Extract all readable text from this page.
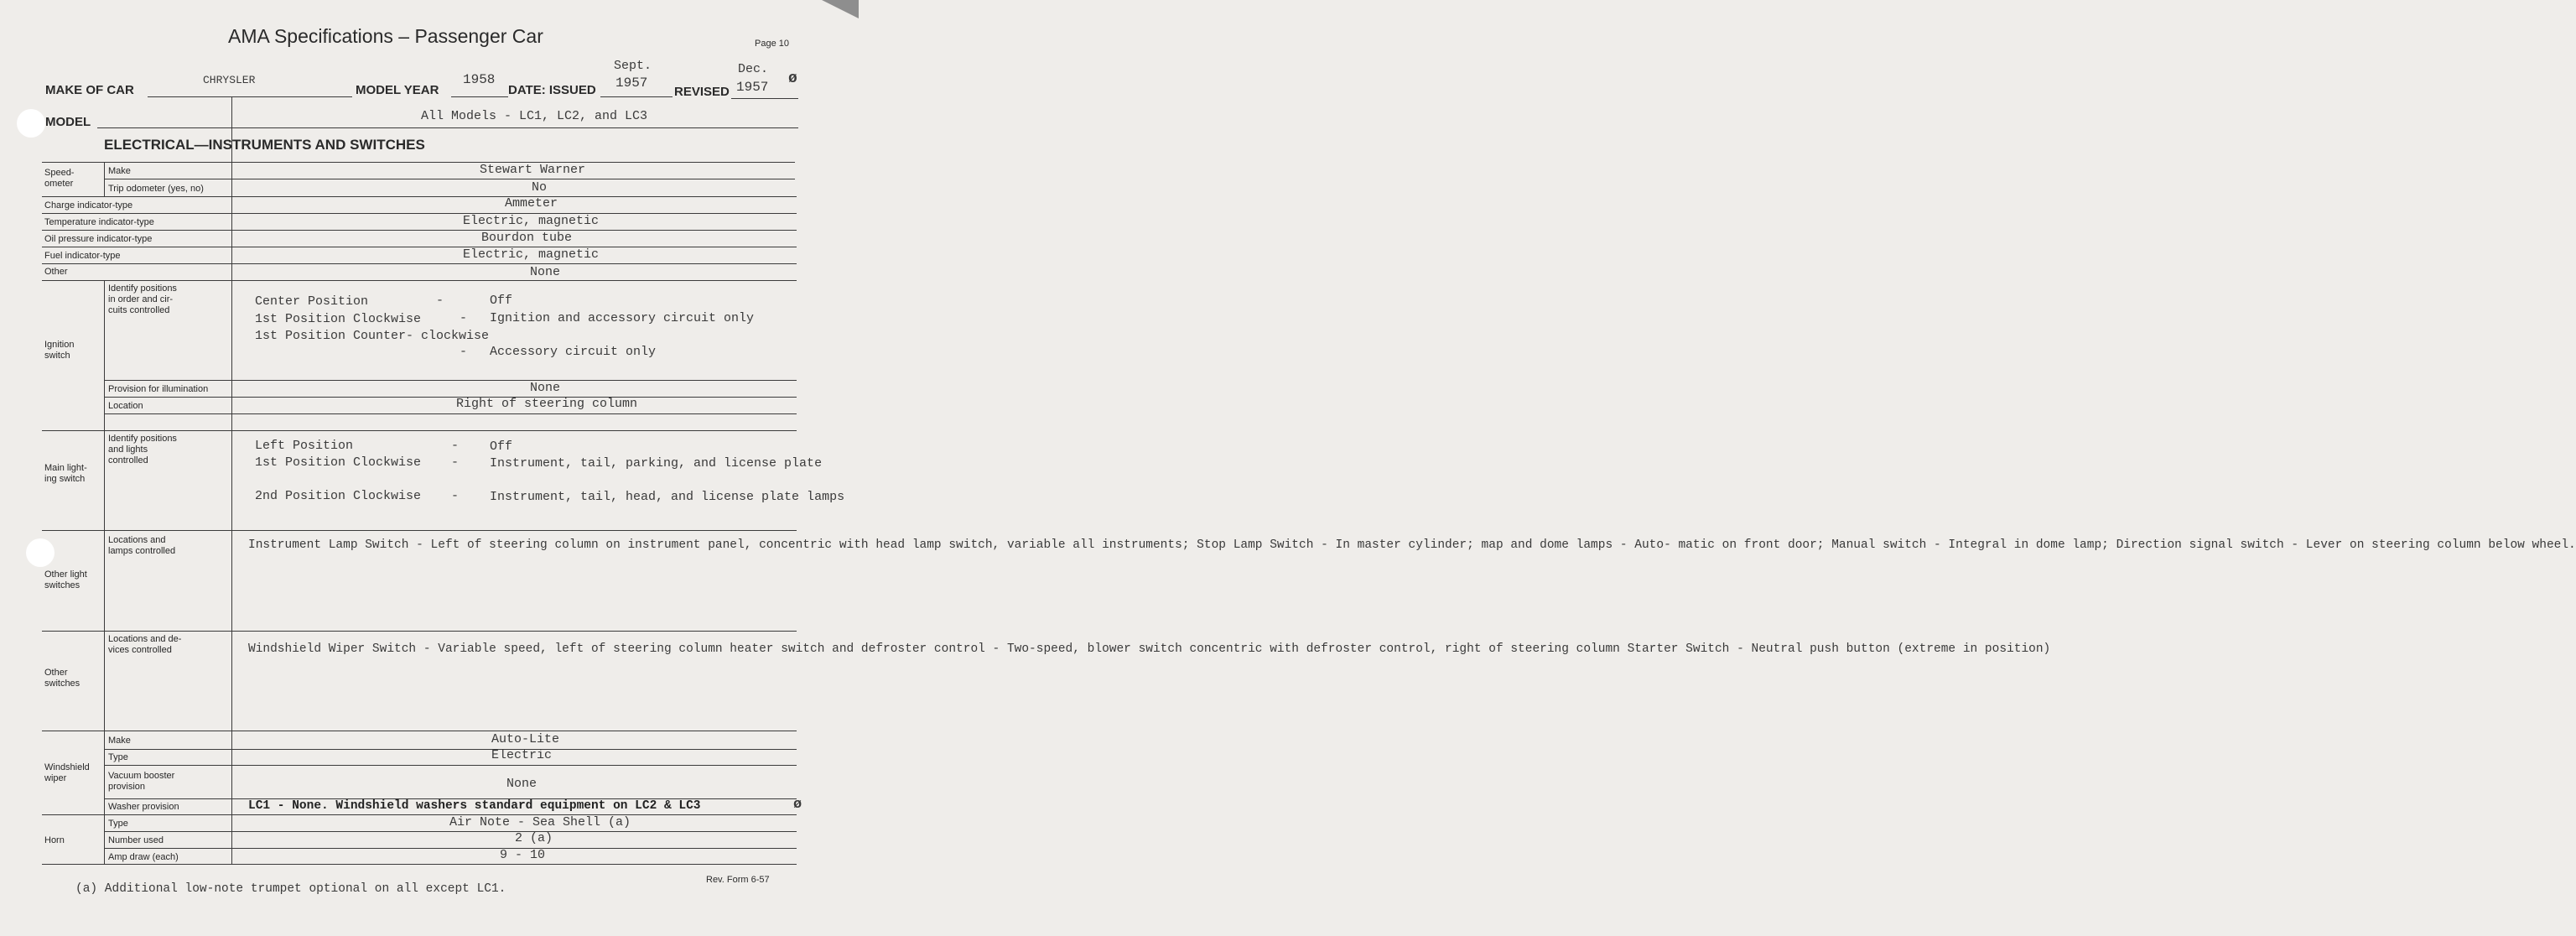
AMA Specifications – Passenger Car	Page 10
MAKE OF CAR
CHRYSLER
MODEL YEAR
1958
DATE: ISSUED
Sept.
1957
REVISED
Dec.
1957 ø
MODEL	All Models - LC1, LC2, and LC3
ELECTRICAL—INSTRUMENTS AND SWITCHES
Speed-
ometer
Make	Stewart Warner
Trip odometer (yes, no)	No
Charge indicator-type	Ammeter
Temperature indicator-type	Electric, magnetic
Oil pressure indicator-type	Bourdon tube
Fuel indicator-type	Electric, magnetic
Other	None
Ignition
switch
Identify positions
in order and cir-
cuits controlled
Center Position	-	Off
1st Position Clockwise	- Ignition and accessory circuit only
1st Position Counter- clockwise
- Accessory circuit only
Provision for illumination	None
Location	Right of steering column
Main light-
ing switch
Identify positions
and lights
controlled
Left Position	- Off
1st Position Clockwise - Instrument, tail, parking, and license plate
2nd Position Clockwise - Instrument, tail, head, and license plate lamps
Other light
switches
Locations and
lamps controlled	Instrument Lamp Switch - Left of steering column on instrument panel, concentric with head lamp switch, variable all instruments; Stop Lamp Switch - In master cylinder; map and dome lamps - Auto- matic on front door; Manual switch - Integral in dome lamp; Direction signal switch - Lever on steering column below wheel.
Other
switches
Locations and de-
vices controlled	Windshield Wiper Switch - Variable speed, left of steering column heater switch and defroster control - Two-speed, blower switch concentric with defroster control, right of steering column Starter Switch - Neutral push button (extreme in position)
Windshield
wiper
Make	Auto-Lite
Type	Electric
Vacuum booster
provision	None
Washer provision	LC1 - None. Windshield washers standard equipment on LC2 & LC3	ø
Horn
Type	Air Note - Sea Shell (a)
Number used	2 (a)
Amp draw (each)	9 - 10
(a) Additional low-note trumpet optional on all except LC1.
Rev. Form 6-57
